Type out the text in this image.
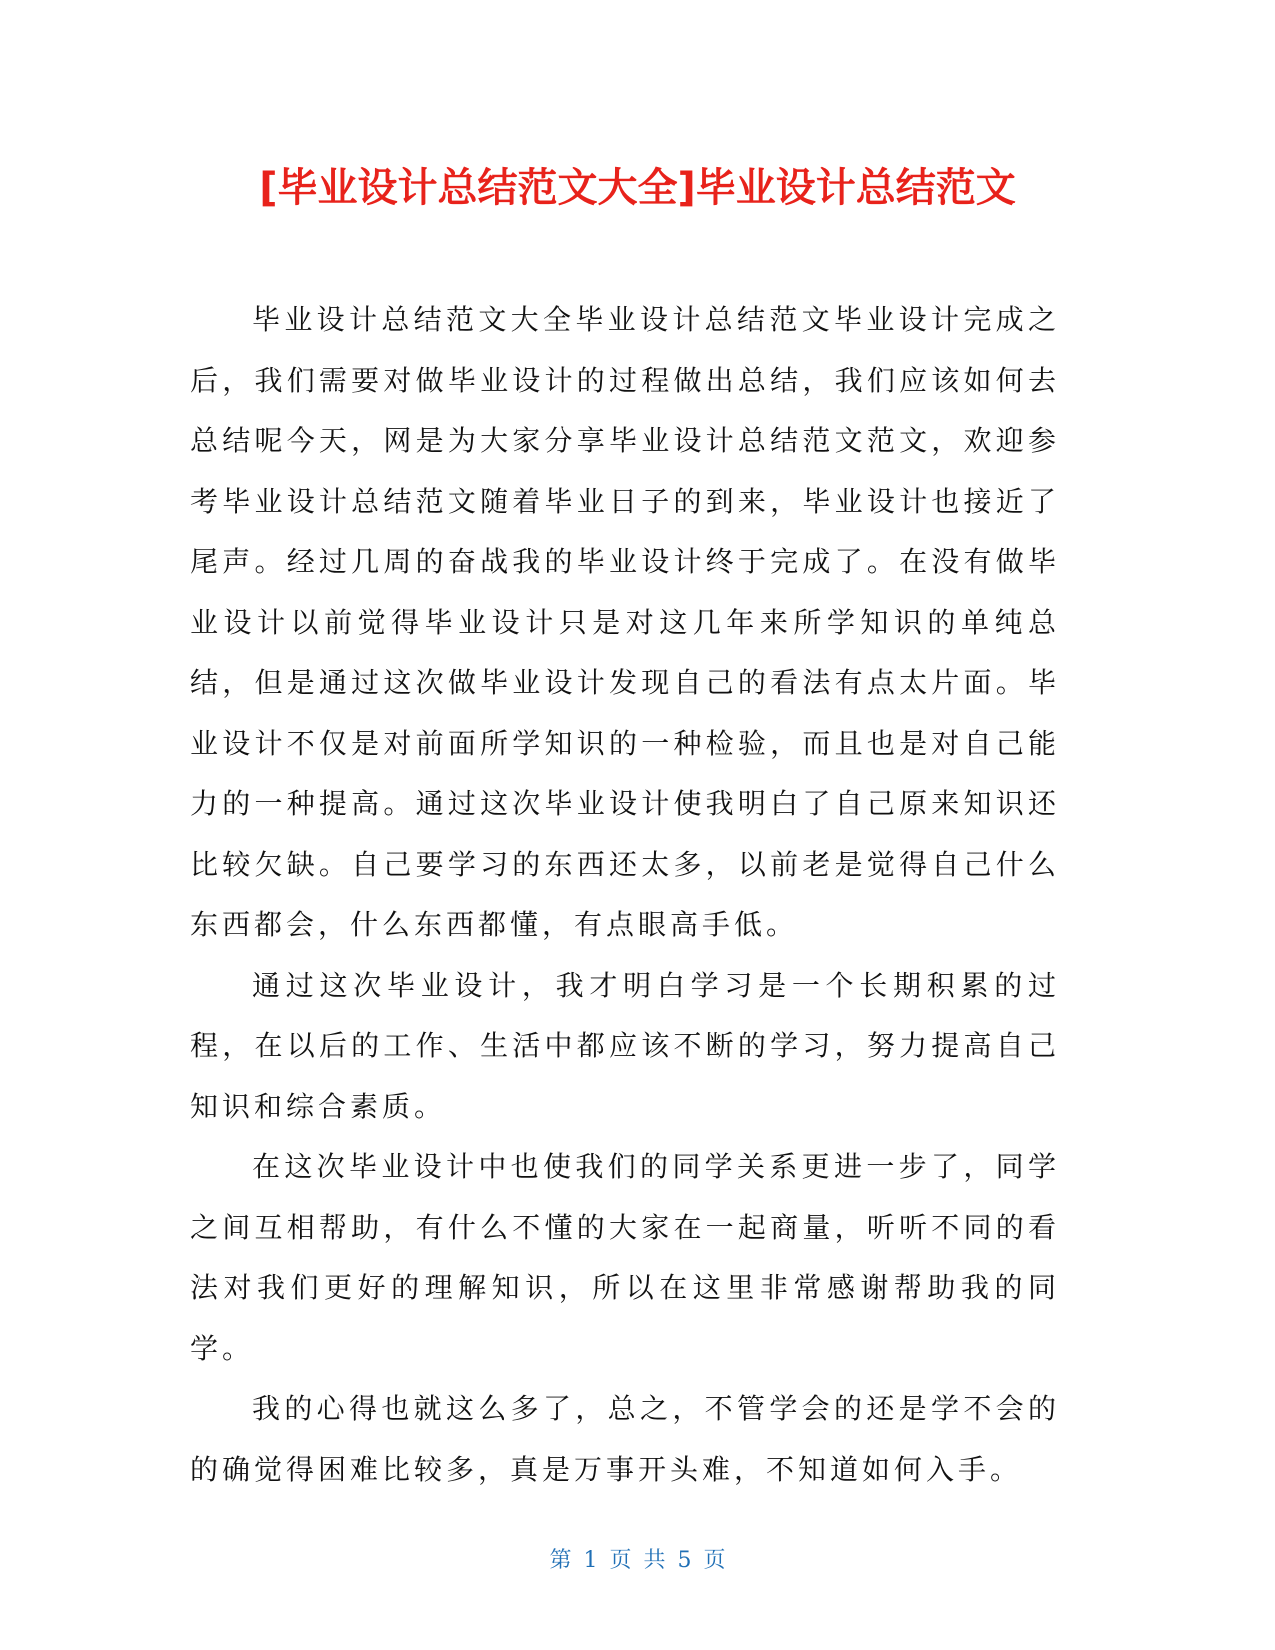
[毕业设计总结范文大全]毕业设计总结范文

毕业设计总结范文大全毕业设计总结范文毕业设计完成之后，我们需要对做毕业设计的过程做出总结，我们应该如何去总结呢今天，网是为大家分享毕业设计总结范文范文，欢迎参考毕业设计总结范文随着毕业日子的到来，毕业设计也接近了尾声。经过几周的奋战我的毕业设计终于完成了。在没有做毕业设计以前觉得毕业设计只是对这几年来所学知识的单纯总结，但是通过这次做毕业设计发现自己的看法有点太片面。毕业设计不仅是对前面所学知识的一种检验，而且也是对自己能力的一种提高。通过这次毕业设计使我明白了自己原来知识还比较欠缺。自己要学习的东西还太多，以前老是觉得自己什么东西都会，什么东西都懂，有点眼高手低。

通过这次毕业设计，我才明白学习是一个长期积累的过程，在以后的工作、生活中都应该不断的学习，努力提高自己知识和综合素质。

在这次毕业设计中也使我们的同学关系更进一步了，同学之间互相帮助，有什么不懂的大家在一起商量，听听不同的看法对我们更好的理解知识，所以在这里非常感谢帮助我的同学。

我的心得也就这么多了，总之，不管学会的还是学不会的的确觉得困难比较多，真是万事开头难，不知道如何入手。

第 1 页 共 5 页
